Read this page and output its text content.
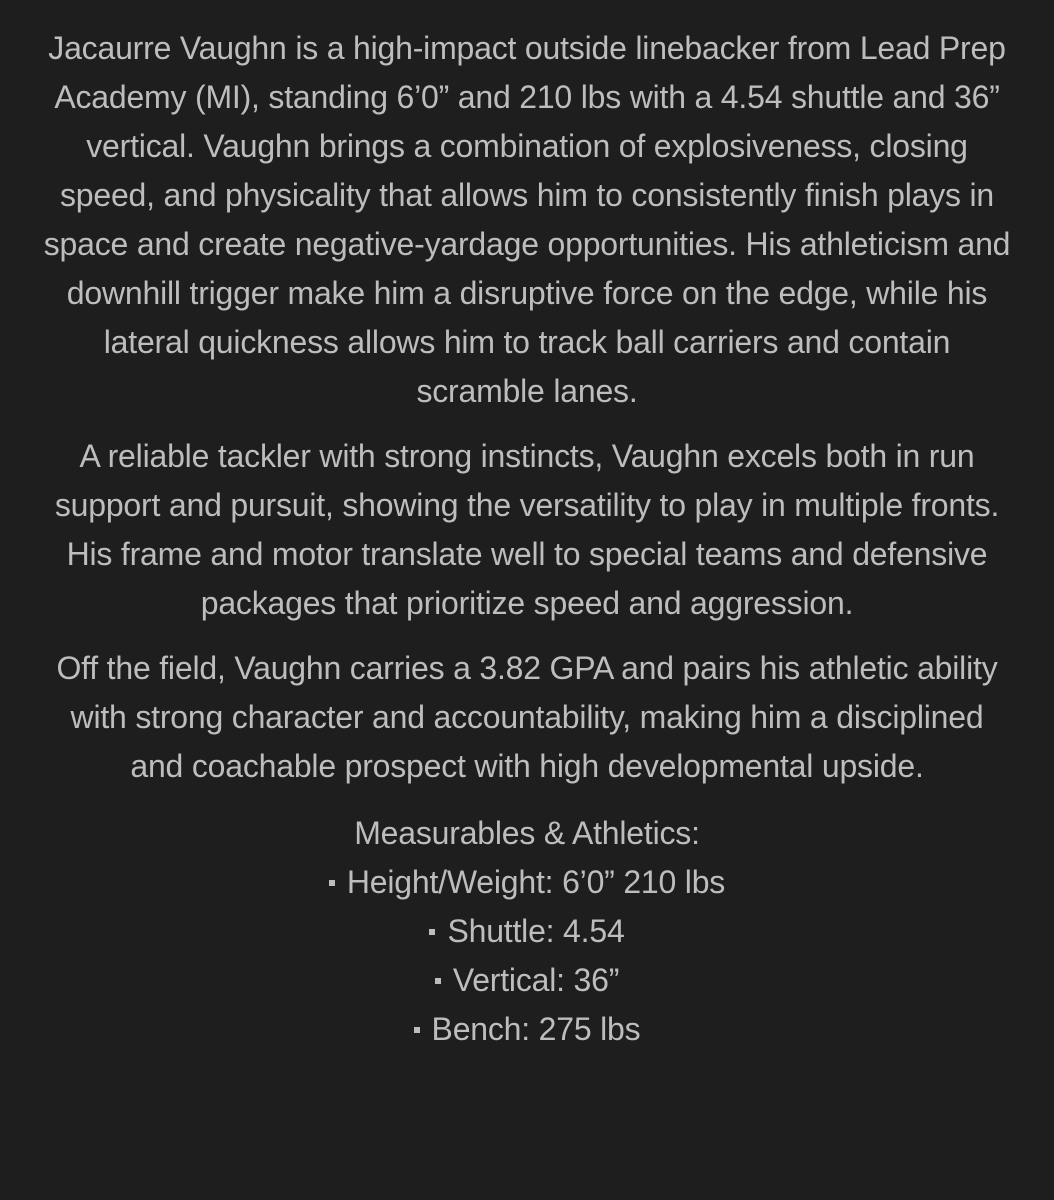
Jacaurre Vaughn is a high-impact outside linebacker from Lead Prep Academy (MI), standing 6’0” and 210 lbs with a 4.54 shuttle and 36” vertical. Vaughn brings a combination of explosiveness, closing speed, and physicality that allows him to consistently finish plays in space and create negative-yardage opportunities. His athleticism and downhill trigger make him a disruptive force on the edge, while his lateral quickness allows him to track ball carriers and contain scramble lanes.

A reliable tackler with strong instincts, Vaughn excels both in run support and pursuit, showing the versatility to play in multiple fronts. His frame and motor translate well to special teams and defensive packages that prioritize speed and aggression.

Off the field, Vaughn carries a 3.82 GPA and pairs his athletic ability with strong character and accountability, making him a disciplined and coachable prospect with high developmental upside.

Measurables & Athletics:

Height/Weight: 6’0” 210 lbs
Shuttle: 4.54
Vertical: 36”
Bench: 275 lbs
